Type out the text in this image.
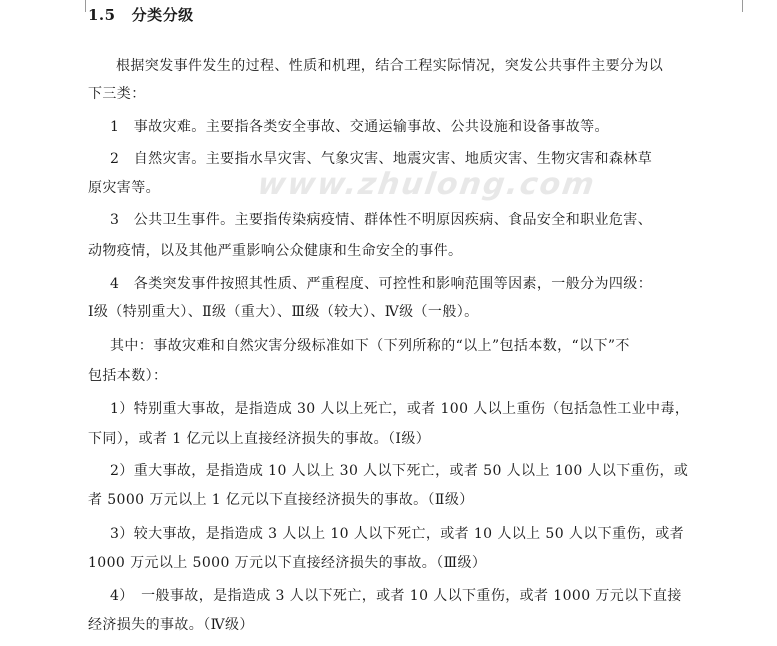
1.5 分类分级
www.zhulong.com
根据突发事件发生的过程、性质和机理，结合工程实际情况，突发公共事件主要分为以
下三类：
1　事故灾难。主要指各类安全事故、交通运输事故、公共设施和设备事故等。
2　自然灾害。主要指水旱灾害、气象灾害、地震灾害、地质灾害、生物灾害和森林草
原灾害等。
3　公共卫生事件。主要指传染病疫情、群体性不明原因疾病、食品安全和职业危害、
动物疫情，以及其他严重影响公众健康和生命安全的事件。
4　各类突发事件按照其性质、严重程度、可控性和影响范围等因素，一般分为四级：
Ⅰ级（特别重大）、Ⅱ级（重大）、Ⅲ级（较大）、Ⅳ级（一般）。
其中：事故灾难和自然灾害分级标准如下（下列所称的“以上”包括本数，“以下”不
包括本数）：
1）特别重大事故，是指造成 30 人以上死亡，或者 100 人以上重伤（包括急性工业中毒，
下同），或者 1 亿元以上直接经济损失的事故。（Ⅰ级）
2）重大事故，是指造成 10 人以上 30 人以下死亡，或者 50 人以上 100 人以下重伤，或
者 5000 万元以上 1 亿元以下直接经济损失的事故。（Ⅱ级）
3）较大事故，是指造成 3 人以上 10 人以下死亡，或者 10 人以上 50 人以下重伤，或者
1000 万元以上 5000 万元以下直接经济损失的事故。（Ⅲ级）
4）　一般事故，是指造成 3 人以下死亡，或者 10 人以下重伤，或者 1000 万元以下直接
经济损失的事故。（Ⅳ级）
